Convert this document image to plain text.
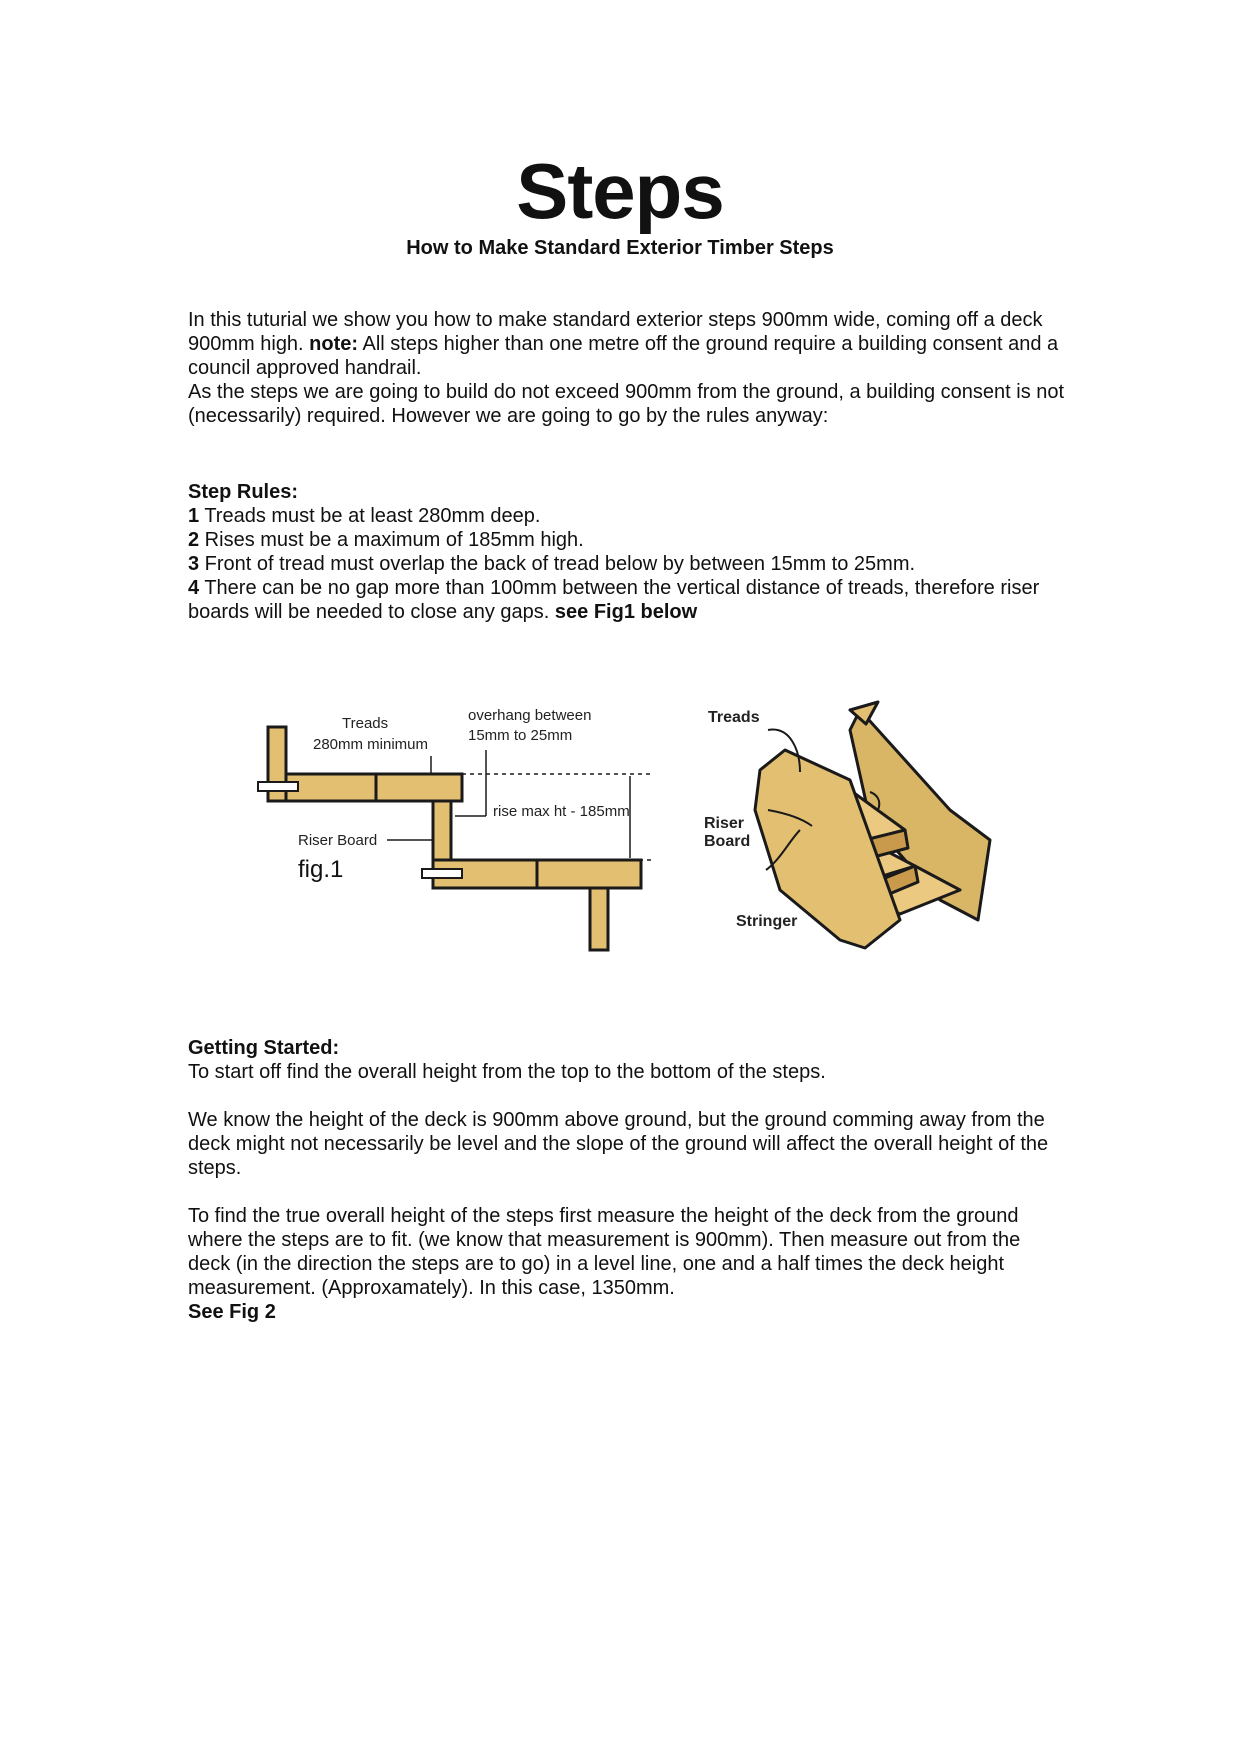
Steps
How to Make Standard Exterior Timber Steps

In this tuturial we show you how to make standard exterior steps 900mm wide, coming off a deck 900mm high. note: All steps higher than one metre off the ground require a building consent and a council approved handrail.

As the steps we are going to build do not exceed 900mm from the ground, a building consent is not (necessarily) required. However we are going to go by the rules anyway:

Step Rules:

1 Treads must be at least 280mm deep.

2 Rises must be a maximum of 185mm high.

3 Front of tread must overlap the back of tread below by between 15mm to 25mm.

4 There can be no gap more than 100mm between the vertical distance of treads, therefore riser boards will be needed to close any gaps. see Fig1 below

Treads
280mm minimum
overhang between
15mm to 25mm
rise max ht - 185mm
Riser Board
fig.1
Treads
Riser
Board
Stringer

Getting Started:

To start off find the overall height from the top to the bottom of the steps.

We know the height of the deck is 900mm above ground, but the ground comming away from the deck might not necessarily be level and the slope of the ground will affect the overall height of the steps.

To find the true overall height of the steps first measure the height of the deck from the ground where the steps are to fit. (we know that measurement is 900mm). Then measure out from the deck (in the direction the steps are to go) in a level line, one and a half times the deck height measurement. (Approxamately). In this case, 1350mm.

See Fig 2
